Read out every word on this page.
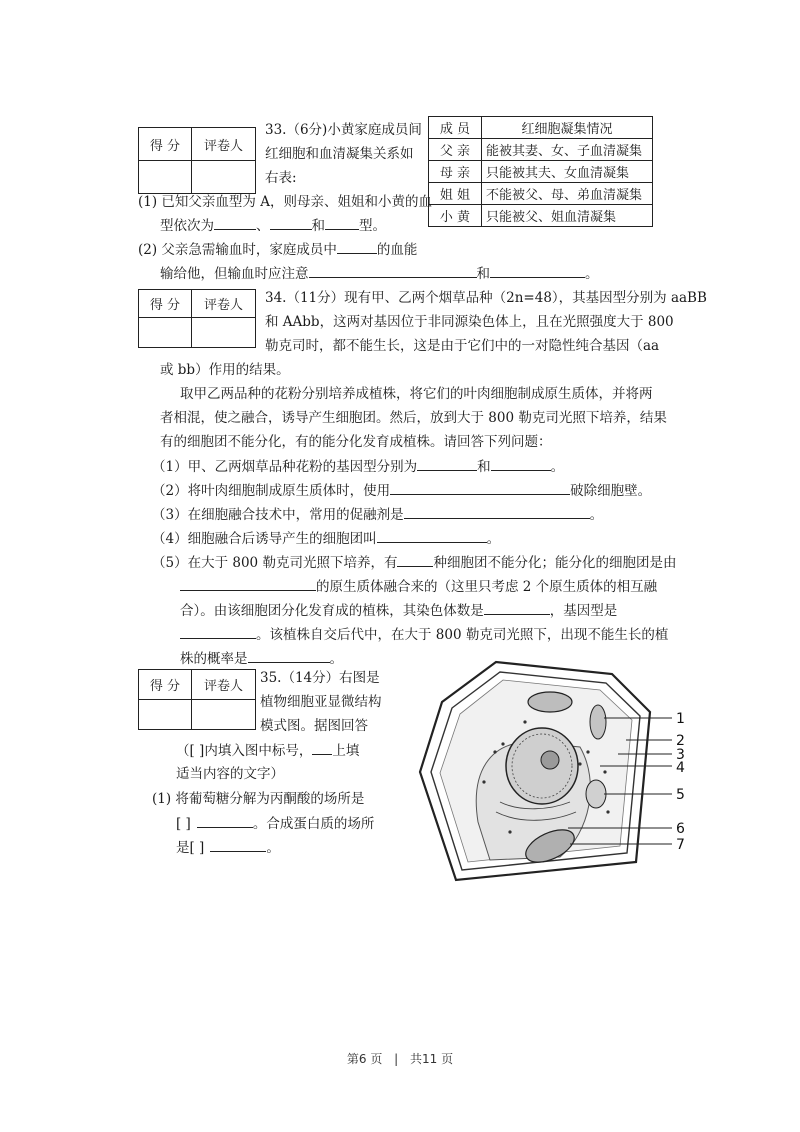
得 分	评卷人

33.（6分)小黄家庭成员间
红细胞和血清凝集关系如
右表:
成 员	红细胞凝集情况
父 亲	能被其妻、女、子血清凝集
母 亲	只能被其夫、女血清凝集
姐 姐	不能被父、母、弟血清凝集
小 黄	只能被父、姐血清凝集
(1) 已知父亲血型为 A，则母亲、姐姐和小黄的血
型依次为	、	和	型。
(2) 父亲急需输血时，家庭成员中	的血能
输给他，但输血时应注意	和	。
得 分	评卷人
	34.（11分）现有甲、乙两个烟草品种（2n=48），其基因型分别为 aaBB
和 AAbb，这两对基因位于非同源染色体上，且在光照强度大于 800
勒克司时，都不能生长，这是由于它们中的一对隐性纯合基因（aa
或 bb）作用的结果。
取甲乙两品种的花粉分别培养成植株，将它们的叶肉细胞制成原生质体，并将两
者相混，使之融合，诱导产生细胞团。然后，放到大于 800 勒克司光照下培养，结果
有的细胞团不能分化，有的能分化发育成植株。请回答下列问题：
（1）甲、乙两烟草品种花粉的基因型分别为	和	。
（2）将叶肉细胞制成原生质体时，使用	破除细胞壁。
（3）在细胞融合技术中，常用的促融剂是	。
（4）细胞融合后诱导产生的细胞团叫	。
（5）在大于 800 勒克司光照下培养，有	种细胞团不能分化；能分化的细胞团是由
的原生质体融合来的（这里只考虑 2 个原生质体的相互融
合）。由该细胞团分化发育成的植株，其染色体数是	，基因型是
。该植株自交后代中，在大于 800 勒克司光照下，出现不能生长的植
株的概率是	。
得 分	评卷人

35.（14分）右图是
植物细胞亚显微结构
模式图。据图回答
（[ ]内填入图中标号， 上填
适当内容的文字）
(1) 将葡萄糖分解为丙酮酸的场所是
[ ]	。合成蛋白质的场所
是[ ]	。
1
2
3
4
5
6
7
第6 页 | 共11 页
